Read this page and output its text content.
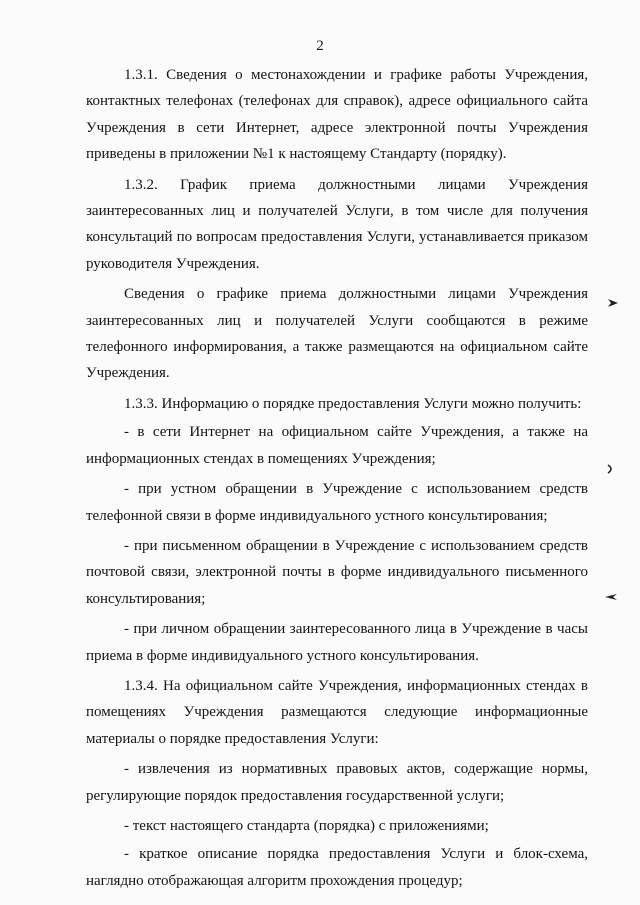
2

1.3.1. Сведения о местонахождении и графике работы Учреждения, контактных телефонах (телефонах для справок), адресе официального сайта Учреждения в сети Интернет, адресе электронной почты Учреждения приведены в приложении №1 к настоящему Стандарту (порядку).

1.3.2. График приема должностными лицами Учреждения заинтересованных лиц и получателей Услуги, в том числе для получения консультаций по вопросам предоставления Услуги, устанавливается приказом руководителя Учреждения.

Сведения о графике приема должностными лицами Учреждения заинтересованных лиц и получателей Услуги сообщаются в режиме телефонного информирования, а также размещаются на официальном сайте Учреждения.

1.3.3. Информацию о порядке предоставления Услуги можно получить:

- в сети Интернет на официальном сайте Учреждения, а также на информационных стендах в помещениях Учреждения;

- при устном обращении в Учреждение с использованием средств телефонной связи в форме индивидуального устного консультирования;

- при письменном обращении в Учреждение с использованием средств почтовой связи, электронной почты в форме индивидуального письменного консультирования;

- при личном обращении заинтересованного лица в Учреждение в часы приема в форме индивидуального устного консультирования.

1.3.4. На официальном сайте Учреждения, информационных стендах в помещениях Учреждения размещаются следующие информационные материалы о порядке предоставления Услуги:

- извлечения из нормативных правовых актов, содержащие нормы, регулирующие порядок предоставления государственной услуги;

- текст настоящего стандарта (порядка) с приложениями;

- краткое описание порядка предоставления Услуги и блок-схема, наглядно отображающая алгоритм прохождения процедур;
